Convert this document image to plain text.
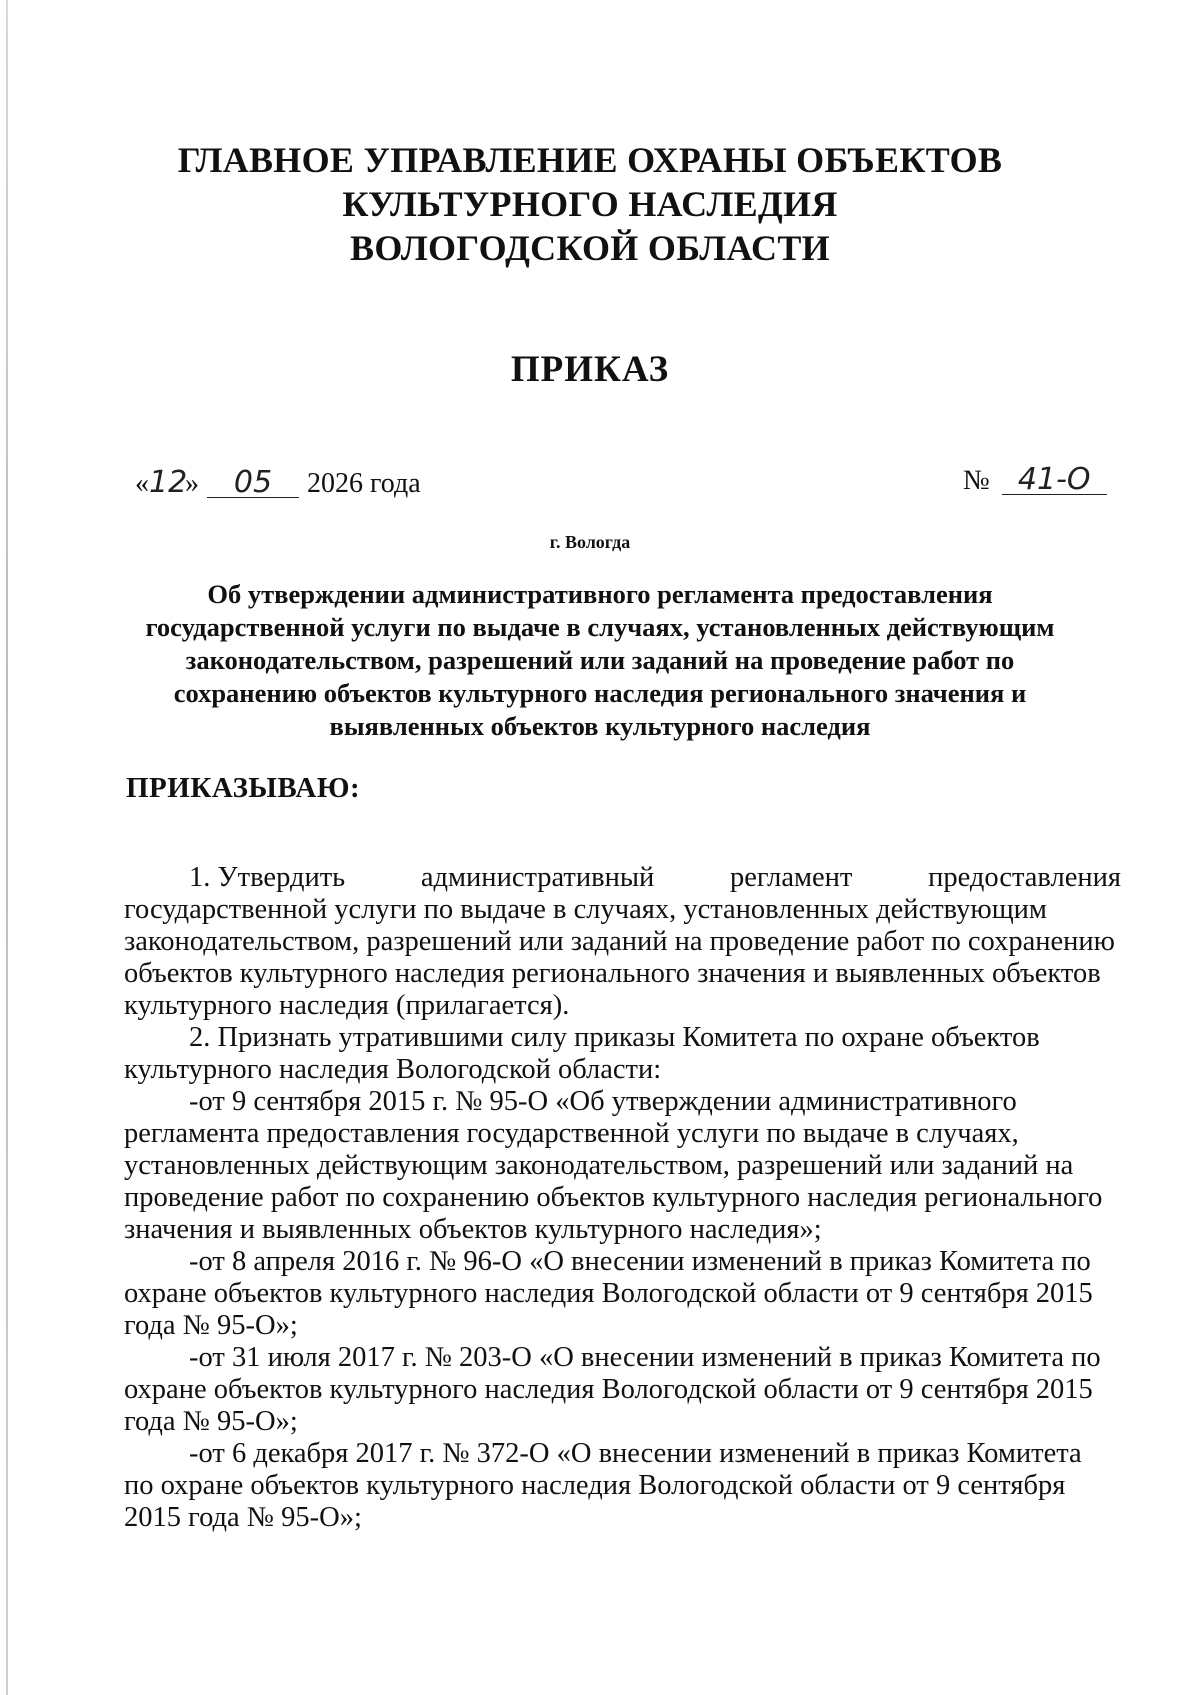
ГЛАВНОЕ УПРАВЛЕНИЕ ОХРАНЫ ОБЪЕКТОВ
КУЛЬТУРНОГО НАСЛЕДИЯ
ВОЛОГОДСКОЙ ОБЛАСТИ
ПРИКАЗ
«12» 05 2026 года	№ 41-О
г. Вологда
Об утверждении административного регламента предоставления
государственной услуги по выдаче в случаях, установленных действующим
законодательством, разрешений или заданий на проведение работ по
сохранению объектов культурного наследия регионального значения и
выявленных объектов культурного наследия
ПРИКАЗЫВАЮ:
1. Утвердить	административный	регламент	предоставления
государственной услуги по выдаче в случаях, установленных действующим
законодательством, разрешений или заданий на проведение работ по сохранению
объектов культурного наследия регионального значения и выявленных объектов
культурного наследия (прилагается).
2. Признать утратившими силу приказы Комитета по охране объектов
культурного наследия Вологодской области:
-от 9 сентября 2015 г. № 95-О «Об утверждении административного
регламента предоставления государственной услуги по выдаче в случаях,
установленных действующим законодательством, разрешений или заданий на
проведение работ по сохранению объектов культурного наследия регионального
значения и выявленных объектов культурного наследия»;
-от 8 апреля 2016 г. № 96-О «О внесении изменений в приказ Комитета по
охране объектов культурного наследия Вологодской области от 9 сентября 2015
года № 95-О»;
-от 31 июля 2017 г. № 203-О «О внесении изменений в приказ Комитета по
охране объектов культурного наследия Вологодской области от 9 сентября 2015
года № 95-О»;
-от 6 декабря 2017 г. № 372-О «О внесении изменений в приказ Комитета
по охране объектов культурного наследия Вологодской области от 9 сентября
2015 года № 95-О»;
